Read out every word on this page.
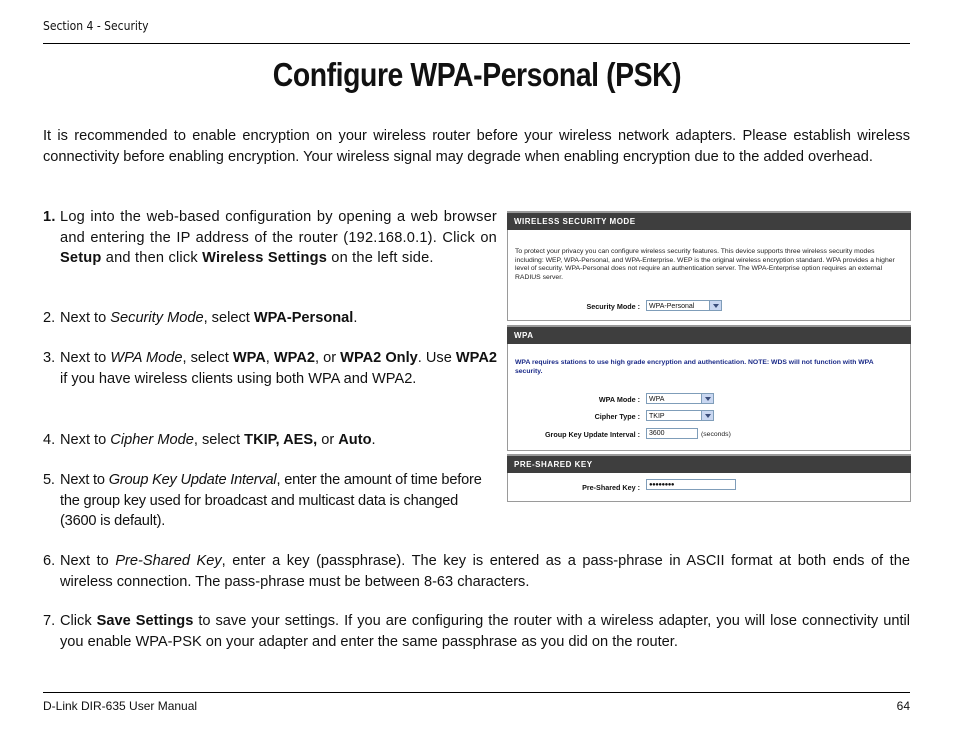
Section 4 - Security
Configure WPA-Personal (PSK)
It is recommended to enable encryption on your wireless router before your wireless network adapters. Please establish wireless connectivity before enabling encryption. Your wireless signal may degrade when enabling encryption due to the added overhead.
1. Log into the web-based configuration by opening a web browser and entering the IP address of the router (192.168.0.1). Click on Setup and then click Wireless Settings on the left side.
2. Next to Security Mode, select WPA-Personal.
3. Next to WPA Mode, select WPA, WPA2, or WPA2 Only. Use WPA2 if you have wireless clients using both WPA and WPA2.
4. Next to Cipher Mode, select TKIP, AES, or Auto.
5. Next to Group Key Update Interval, enter the amount of time before the group key used for broadcast and multicast data is changed (3600 is default).
6. Next to Pre-Shared Key, enter a key (passphrase). The key is entered as a pass-phrase in ASCII format at both ends of the wireless connection. The pass-phrase must be between 8-63 characters.
7. Click Save Settings to save your settings. If you are configuring the router with a wireless adapter, you will lose connectivity until you enable WPA-PSK on your adapter and enter the same passphrase as you did on the router.
WIRELESS SECURITY MODE
To protect your privacy you can configure wireless security features. This device supports three wireless security modes including: WEP, WPA-Personal, and WPA-Enterprise. WEP is the original wireless encryption standard. WPA provides a higher level of security. WPA-Personal does not require an authentication server. The WPA-Enterprise option requires an external RADIUS server.
Security Mode :	WPA-Personal
WPA
WPA requires stations to use high grade encryption and authentication. NOTE: WDS will not function with WPA security.
WPA Mode :	WPA
Cipher Type :	TKIP
Group Key Update Interval :	3600	(seconds)
PRE-SHARED KEY
Pre-Shared Key :	●●●●●●●●
D-Link DIR-635 User Manual	64
